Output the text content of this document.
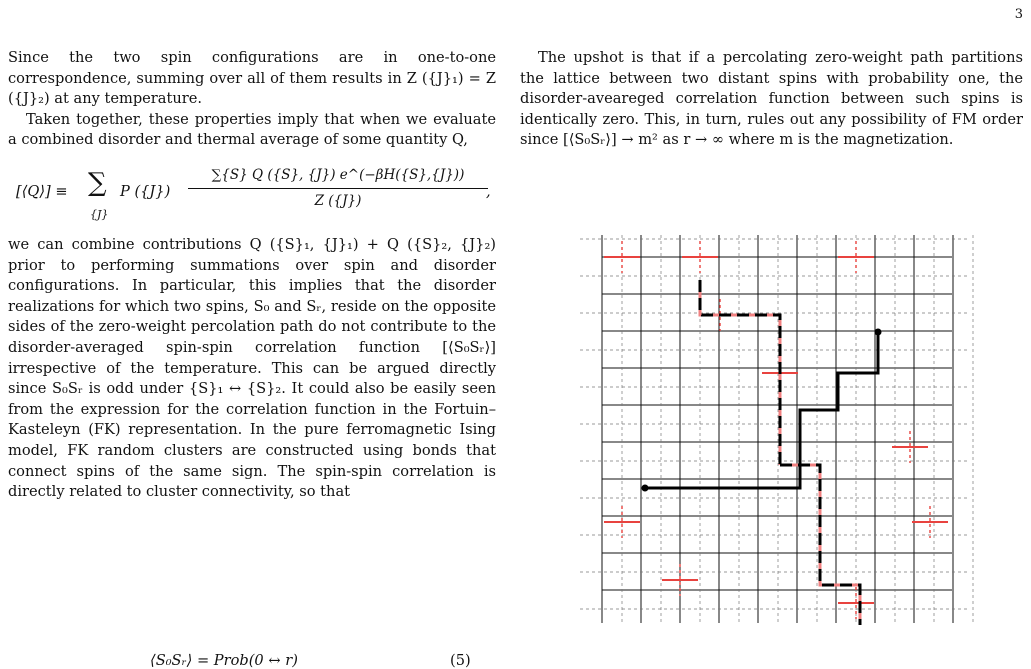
3

Since the two spin configurations are in one-to-one correspondence, summing over all of them results in Z ({J}₁) = Z ({J}₂) at any temperature.

Taken together, these properties imply that when we evaluate a combined disorder and thermal average of some quantity Q,

[⟨Q⟩] ≡ ∑
{J}
P $(\{J\}) \frac{\sum\{S\} Q (\{S\}, \{J\}) e\^{}(-\beta H(\{S\},\{J\}))}{Z (\{J\})}$
,

we can combine contributions Q ({S}₁, {J}₁) + Q ({S}₂, {J}₂) prior to performing summations over spin and disorder configurations. In particular, this implies that the disorder realizations for which two spins, S₀ and Sᵣ, reside on the opposite sides of the zero-weight percolation path do not contribute to the disorder-averaged spin-spin correlation function [⟨S₀Sᵣ⟩] irrespective of the temperature. This can be argued directly since S₀Sᵣ is odd under {S}₁ ↔ {S}₂. It could also be easily seen from the expression for the correlation function in the Fortuin–Kasteleyn (FK) representation. In the pure ferromagnetic Ising model, FK random clusters are constructed using bonds that connect spins of the same sign. The spin-spin correlation is directly related to cluster connectivity, so that

⟨S₀Sᵣ⟩ = Prob(0 ↔ r)	(5)

The upshot is that if a percolating zero-weight path partitions the lattice between two distant spins with probability one, the disorder-aveareged correlation function between such spins is identically zero. This, in turn, rules out any possibility of FM order since [⟨S₀Sᵣ⟩] → m² as r → ∞ where m is the magnetization.
